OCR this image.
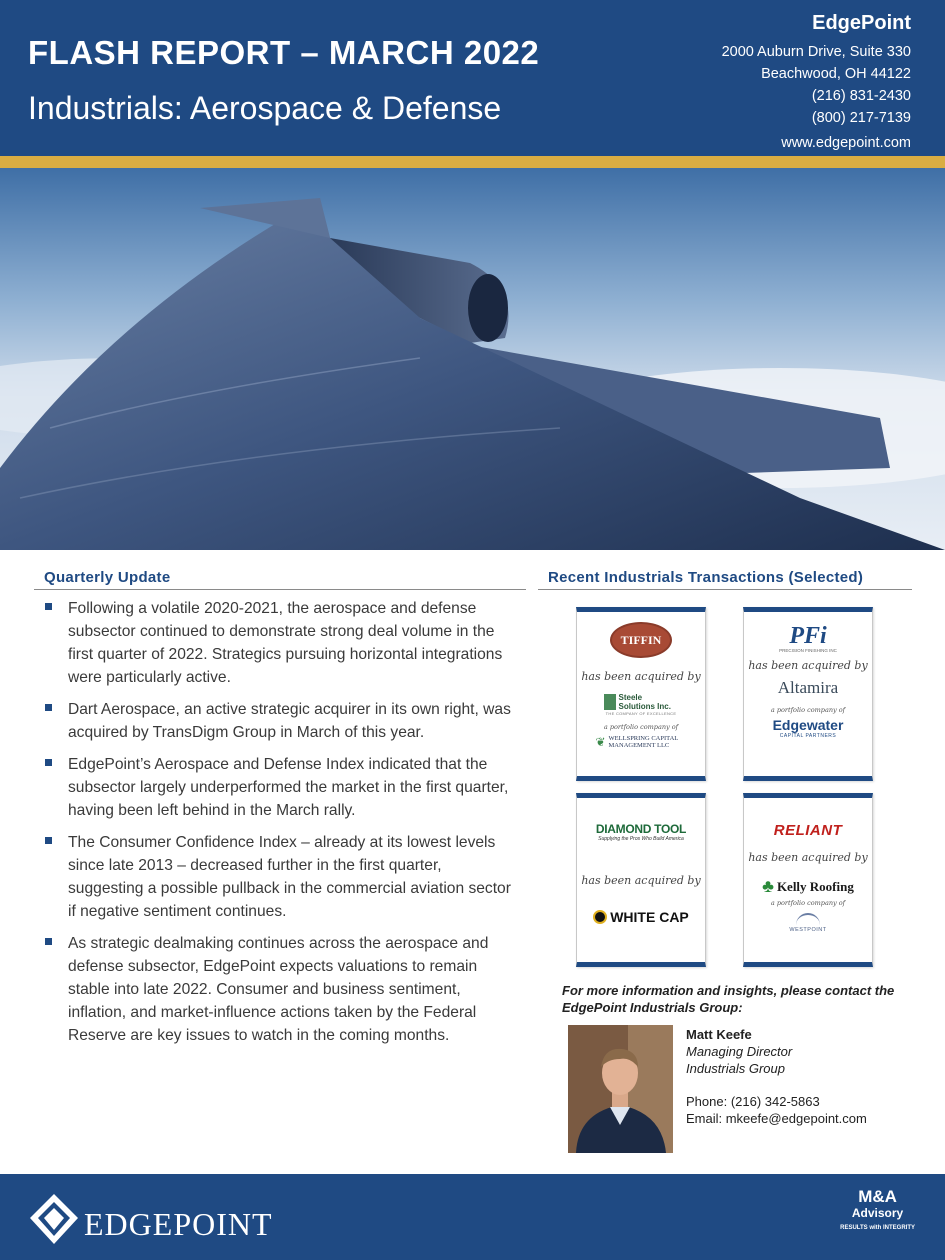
FLASH REPORT – MARCH 2022
Industrials: Aerospace & Defense
EdgePoint
2000 Auburn Drive, Suite 330
Beachwood, OH 44122
(216) 831-2430
(800) 217-7139
www.edgepoint.com
Quarterly Update
Following a volatile 2020-2021, the aerospace and defense subsector continued to demonstrate strong deal volume in the first quarter of 2022. Strategics pursuing horizontal integrations were particularly active.
Dart Aerospace, an active strategic acquirer in its own right, was acquired by TransDigm Group in March of this year.
EdgePoint’s Aerospace and Defense Index indicated that the subsector largely underperformed the market in the first quarter, having been left behind in the March rally.
The Consumer Confidence Index – already at its lowest levels since late 2013 – decreased further in the first quarter, suggesting a possible pullback in the commercial aviation sector if negative sentiment continues.
As strategic dealmaking continues across the aerospace and defense subsector, EdgePoint expects valuations to remain stable into late 2022. Consumer and business sentiment, inflation, and market-influence actions taken by the Federal Reserve are key issues to watch in the coming months.
Recent Industrials Transactions (Selected)
TIFFIN
has been acquired by
Steele Solutions Inc.
THE COMPANY OF EXCELLENCE
a portfolio company of
❦ WELLSPRING CAPITAL MANAGEMENT LLC
PFi
PRECISION FINISHING INC
has been acquired by
Altamira
a portfolio company of
Edgewater
CAPITAL PARTNERS
DIAMOND TOOL
Supplying the Pros Who Build America
has been acquired by
WHITE CAP
RELIANT
has been acquired by
♣ Kelly Roofing
a portfolio company of
WESTPOINT
For more information and insights, please contact the EdgePoint Industrials Group:
Matt Keefe
Managing Director
Industrials Group
Phone: (216) 342-5863
Email: mkeefe@edgepoint.com
EDGEPOINT
M&A
Advisory
RESULTS with INTEGRITY
